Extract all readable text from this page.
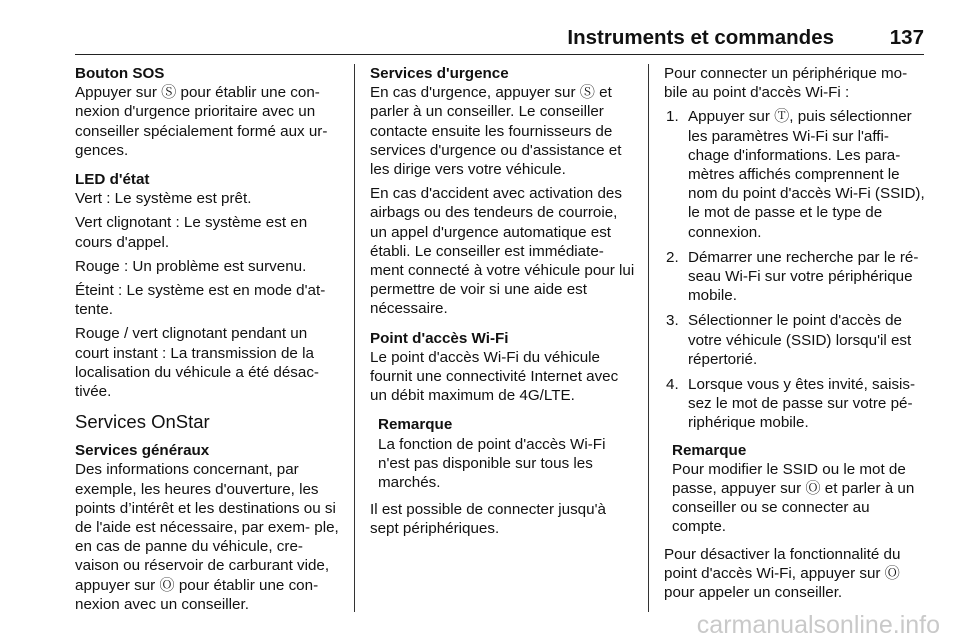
Instruments et commandes	137
Bouton SOS

Appuyer sur Ⓢ pour établir une con- nexion d'urgence prioritaire avec un conseiller spécialement formé aux ur- gences.

LED d'état

Vert : Le système est prêt.

Vert clignotant : Le système est en cours d'appel.

Rouge : Un problème est survenu.

Éteint : Le système est en mode d'at- tente.

Rouge / vert clignotant pendant un court instant : La transmission de la localisation du véhicule a été désac- tivée.

Services OnStar
Services généraux

Des informations concernant, par exemple, les heures d'ouverture, les points d’intérêt et les destinations ou si de l'aide est nécessaire, par exem- ple, en cas de panne du véhicule, cre- vaison ou réservoir de carburant vide, appuyer sur Ⓞ pour établir une con- nexion avec un conseiller.

Services d'urgence

En cas d'urgence, appuyer sur Ⓢ et parler à un conseiller. Le conseiller contacte ensuite les fournisseurs de services d'urgence ou d'assistance et les dirige vers votre véhicule.

En cas d'accident avec activation des airbags ou des tendeurs de courroie, un appel d'urgence automatique est établi. Le conseiller est immédiate- ment connecté à votre véhicule pour lui permettre de voir si une aide est nécessaire.

Point d'accès Wi-Fi

Le point d'accès Wi-Fi du véhicule fournit une connectivité Internet avec un débit maximum de 4G/LTE.

Remarque
La fonction de point d'accès Wi-Fi n'est pas disponible sur tous les marchés.

Il est possible de connecter jusqu'à sept périphériques.

Pour connecter un périphérique mo- bile au point d'accès Wi-Fi :

1. Appuyer sur Ⓣ, puis sélectionner les paramètres Wi-Fi sur l'affi- chage d'informations. Les para- mètres affichés comprennent le nom du point d'accès Wi-Fi (SSID), le mot de passe et le type de connexion.
2. Démarrer une recherche par le ré- seau Wi-Fi sur votre périphérique mobile.
3. Sélectionner le point d'accès de votre véhicule (SSID) lorsqu'il est répertorié.
4. Lorsque vous y êtes invité, saisis- sez le mot de passe sur votre pé- riphérique mobile.
Remarque
Pour modifier le SSID ou le mot de passe, appuyer sur Ⓞ et parler à un conseiller ou se connecter au compte.

Pour désactiver la fonctionnalité du point d'accès Wi-Fi, appuyer sur Ⓞ pour appeler un conseiller.

carmanualsonline.info
